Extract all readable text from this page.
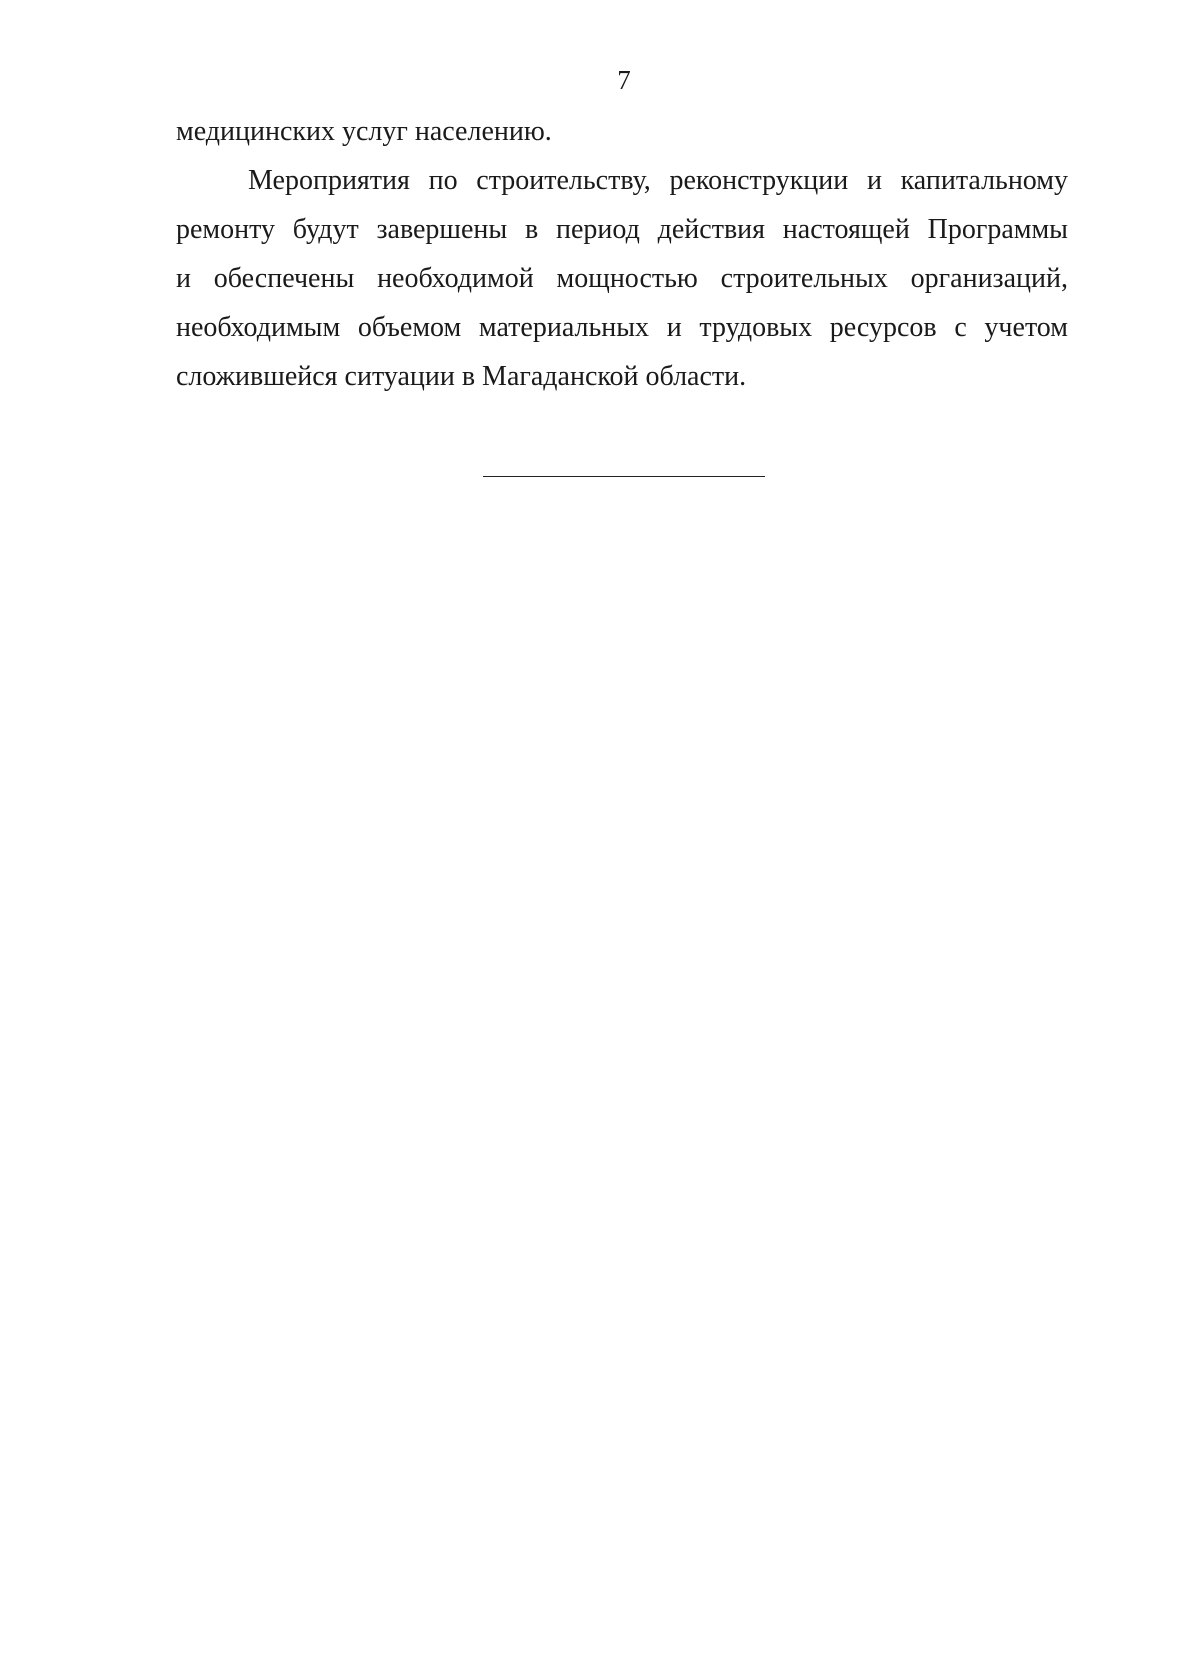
7
медицинских услуг населению.
Мероприятия по строительству, реконструкции и капитальному
ремонту будут завершены в период действия настоящей Программы
и обеспечены необходимой мощностью строительных организаций,
необходимым объемом материальных и трудовых ресурсов с учетом
сложившейся ситуации в Магаданской области.
